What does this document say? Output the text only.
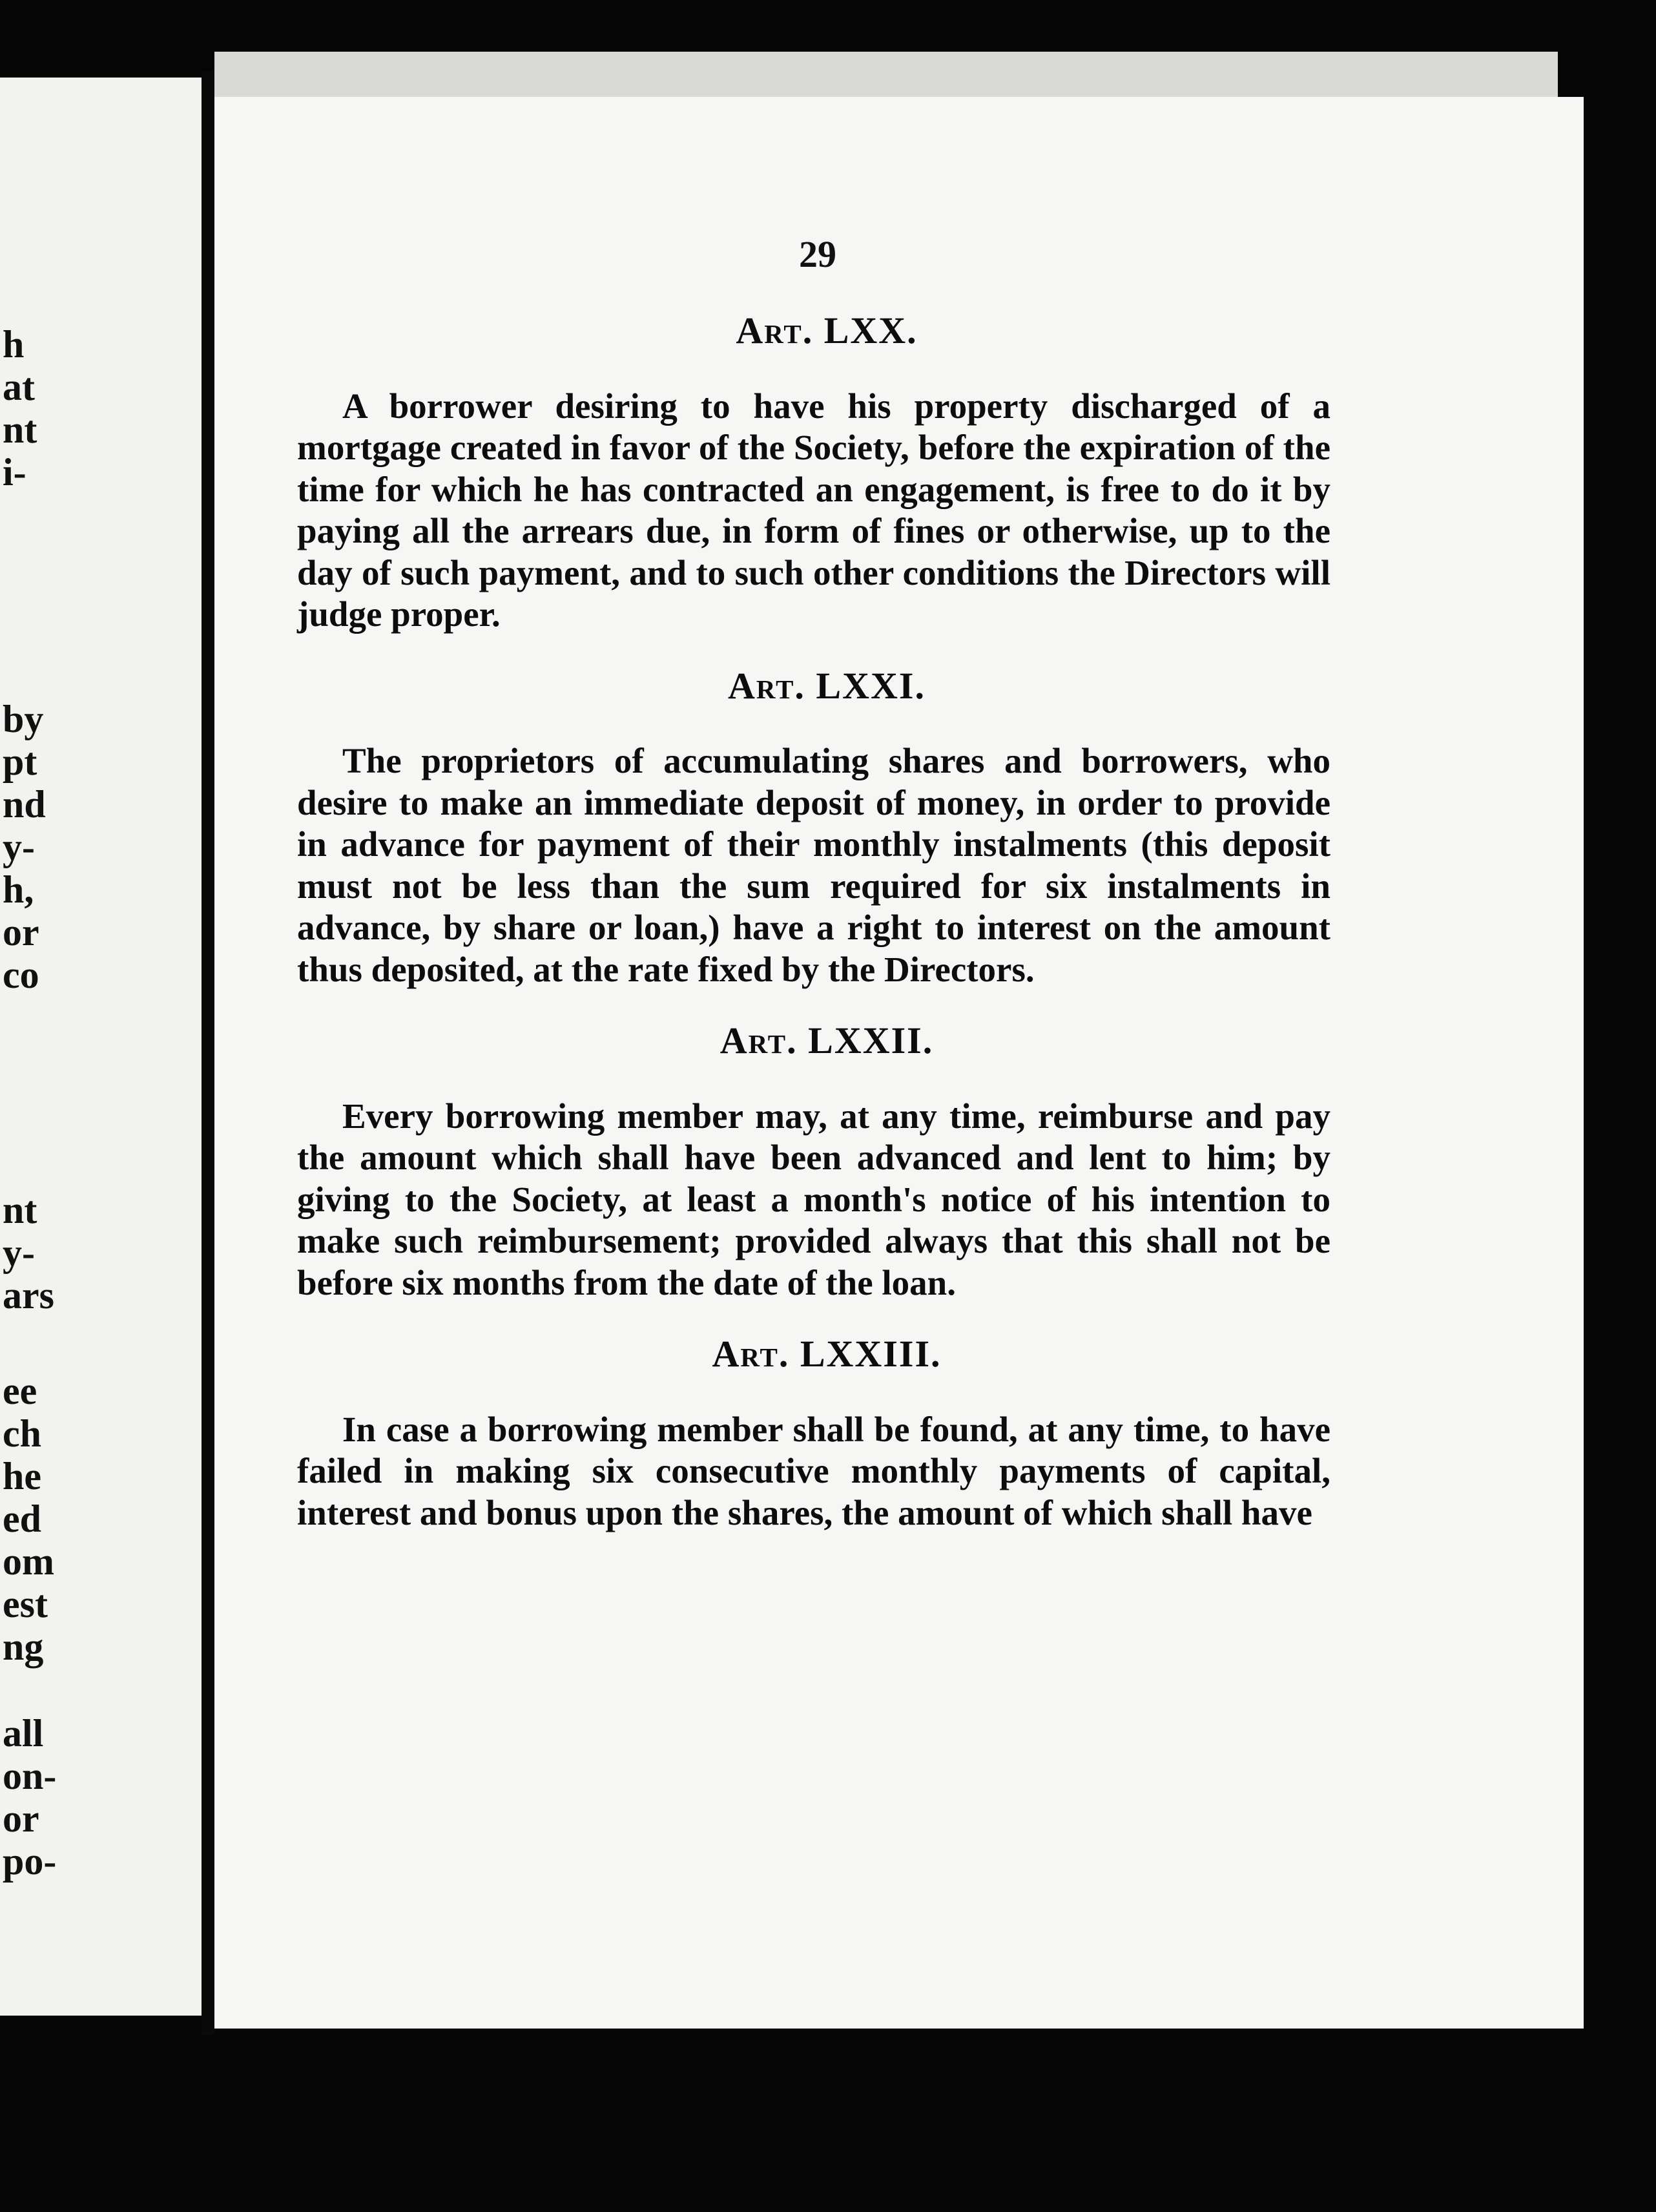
h
at
nt
i-
by
pt
nd
y-
h,
or
co
nt
y-
ars
ee
ch
he
ed
om
est
ng
all
on-
or
po-
29
Art. LXX.

A borrower desiring to have his property discharged of a mortgage created in favor of the Society, before the expiration of the time for which he has contracted an engagement, is free to do it by paying all the arrears due, in form of fines or otherwise, up to the day of such payment, and to such other conditions the Directors will judge proper.

Art. LXXI.

The proprietors of accumulating shares and borrowers, who desire to make an immediate deposit of money, in order to provide in advance for payment of their monthly instalments (this deposit must not be less than the sum required for six instalments in advance, by share or loan,) have a right to interest on the amount thus deposited, at the rate fixed by the Directors.

Art. LXXII.

Every borrowing member may, at any time, reimburse and pay the amount which shall have been advanced and lent to him; by giving to the Society, at least a month's notice of his intention to make such reimbursement; provided always that this shall not be before six months from the date of the loan.

Art. LXXIII.

In case a borrowing member shall be found, at any time, to have failed in making six consecutive monthly payments of capital, interest and bonus upon the shares, the amount of which shall have
